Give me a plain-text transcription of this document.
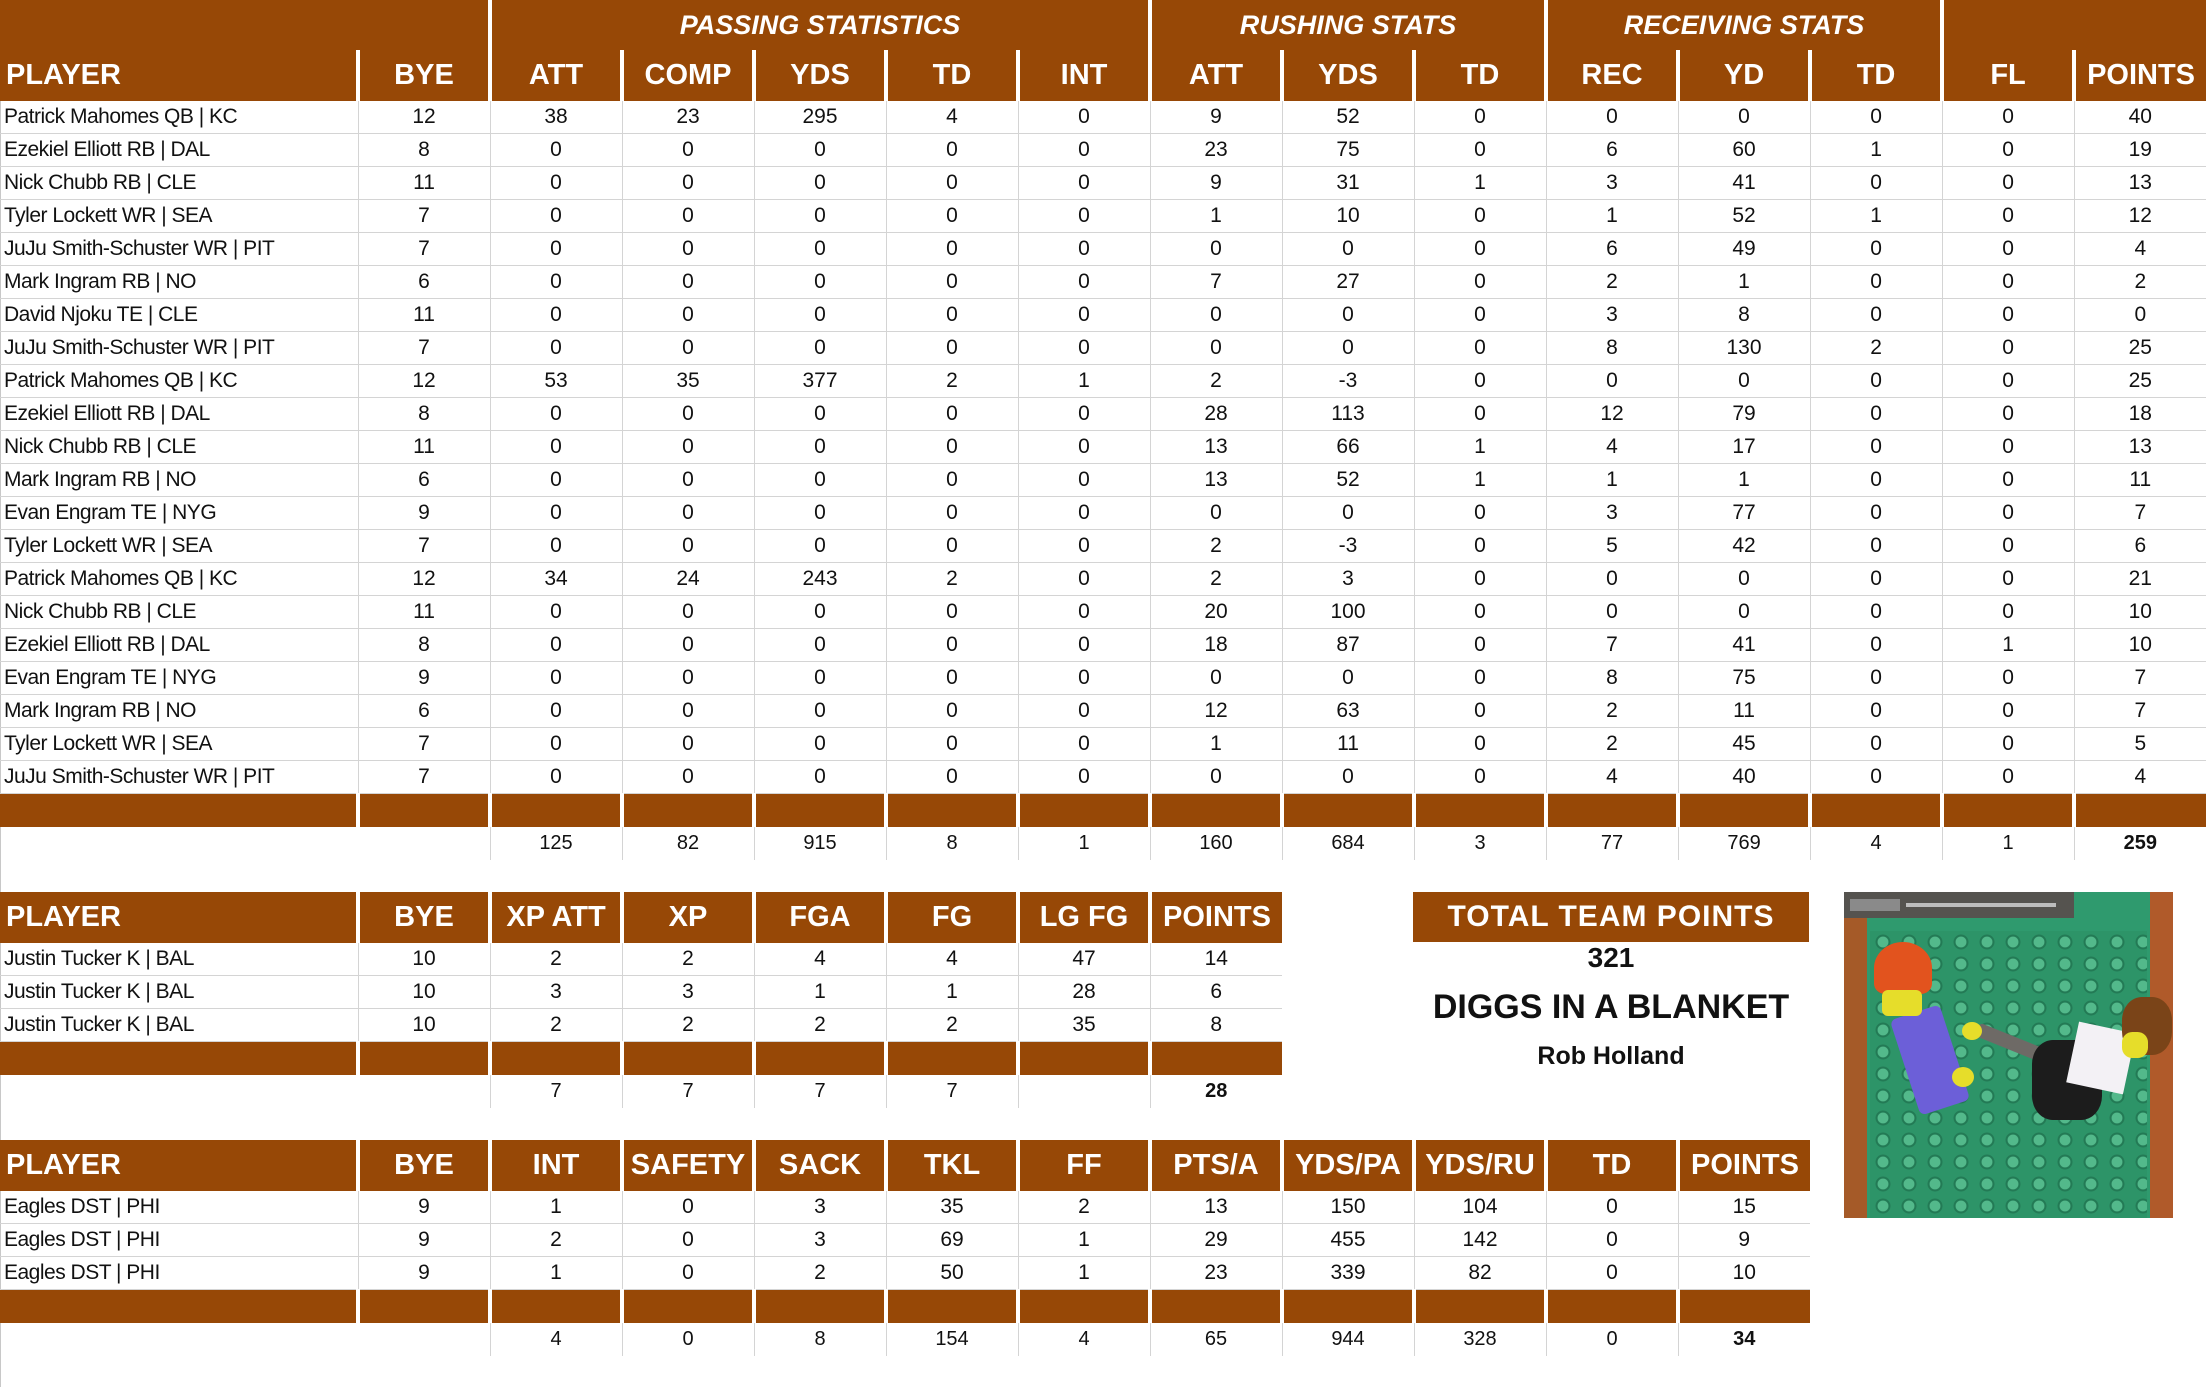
		PASSING STATISTICS					RUSHING STATS			RECEIVING STATS				
PLAYER	BYE	ATT	COMP	YDS	TD	INT	ATT	YDS	TD	REC	YD	TD	FL	POINTS
Patrick Mahomes QB | KC	12	38	23	295	4	0	9	52	0	0	0	0	0	40
Ezekiel Elliott RB | DAL	8	0	0	0	0	0	23	75	0	6	60	1	0	19
Nick Chubb RB | CLE	11	0	0	0	0	0	9	31	1	3	41	0	0	13
Tyler Lockett WR | SEA	7	0	0	0	0	0	1	10	0	1	52	1	0	12
JuJu Smith-Schuster WR | PIT	7	0	0	0	0	0	0	0	0	6	49	0	0	4
Mark Ingram RB | NO	6	0	0	0	0	0	7	27	0	2	1	0	0	2
David Njoku TE | CLE	11	0	0	0	0	0	0	0	0	3	8	0	0	0
JuJu Smith-Schuster WR | PIT	7	0	0	0	0	0	0	0	0	8	130	2	0	25
Patrick Mahomes QB | KC	12	53	35	377	2	1	2	-3	0	0	0	0	0	25
Ezekiel Elliott RB | DAL	8	0	0	0	0	0	28	113	0	12	79	0	0	18
Nick Chubb RB | CLE	11	0	0	0	0	0	13	66	1	4	17	0	0	13
Mark Ingram RB | NO	6	0	0	0	0	0	13	52	1	1	1	0	0	11
Evan Engram TE | NYG	9	0	0	0	0	0	0	0	0	3	77	0	0	7
Tyler Lockett WR | SEA	7	0	0	0	0	0	2	-3	0	5	42	0	0	6
Patrick Mahomes QB | KC	12	34	24	243	2	0	2	3	0	0	0	0	0	21
Nick Chubb RB | CLE	11	0	0	0	0	0	20	100	0	0	0	0	0	10
Ezekiel Elliott RB | DAL	8	0	0	0	0	0	18	87	0	7	41	0	1	10
Evan Engram TE | NYG	9	0	0	0	0	0	0	0	0	8	75	0	0	7
Mark Ingram RB | NO	6	0	0	0	0	0	12	63	0	2	11	0	0	7
Tyler Lockett WR | SEA	7	0	0	0	0	0	1	11	0	2	45	0	0	5
JuJu Smith-Schuster WR | PIT	7	0	0	0	0	0	0	0	0	4	40	0	0	4

		125	82	915	8	1	160	684	3	77	769	4	1	259
PLAYER	BYE	XP ATT	XP	FGA	FG	LG FG	POINTS
Justin Tucker K | BAL	10	2	2	4	4	47	14
Justin Tucker K | BAL	10	3	3	1	1	28	6
Justin Tucker K | BAL	10	2	2	2	2	35	8

		7	7	7	7		28
PLAYER	BYE	INT	SAFETY	SACK	TKL	FF	PTS/A	YDS/PA	YDS/RU	TD	POINTS
Eagles DST | PHI	9	1	0	3	35	2	13	150	104	0	15
Eagles DST | PHI	9	2	0	3	69	1	29	455	142	0	9
Eagles DST | PHI	9	1	0	2	50	1	23	339	82	0	10

		4	0	8	154	4	65	944	328	0	34
TOTAL TEAM POINTS
321
DIGGS IN A BLANKET
Rob Holland
